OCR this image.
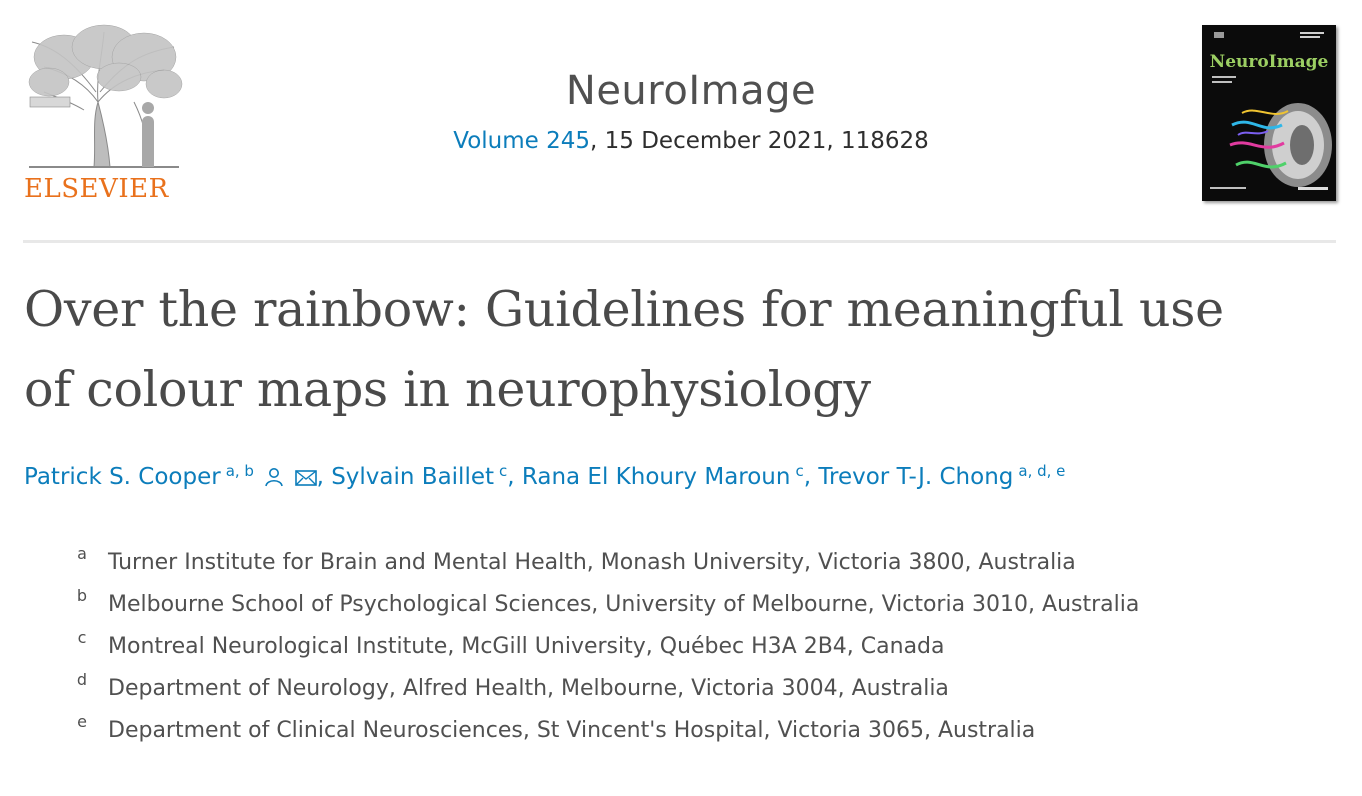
ELSEVIER
NeuroImage
Volume 245, 15 December 2021, 118628
NeuroImage
Over the rainbow: Guidelines for meaningful use
of colour maps in neurophysiology
Patrick S. Cooper $^{a, b}$	, Sylvain Baillet $^c$, Rana El Khoury Maroun $^c$, Trevor T-J. Chong $^{a, d, e}$
a Turner Institute for Brain and Mental Health, Monash University, Victoria 3800, Australia
b Melbourne School of Psychological Sciences, University of Melbourne, Victoria 3010, Australia
c Montreal Neurological Institute, McGill University, Québec H3A 2B4, Canada
d Department of Neurology, Alfred Health, Melbourne, Victoria 3004, Australia
e Department of Clinical Neurosciences, St Vincent's Hospital, Victoria 3065, Australia
